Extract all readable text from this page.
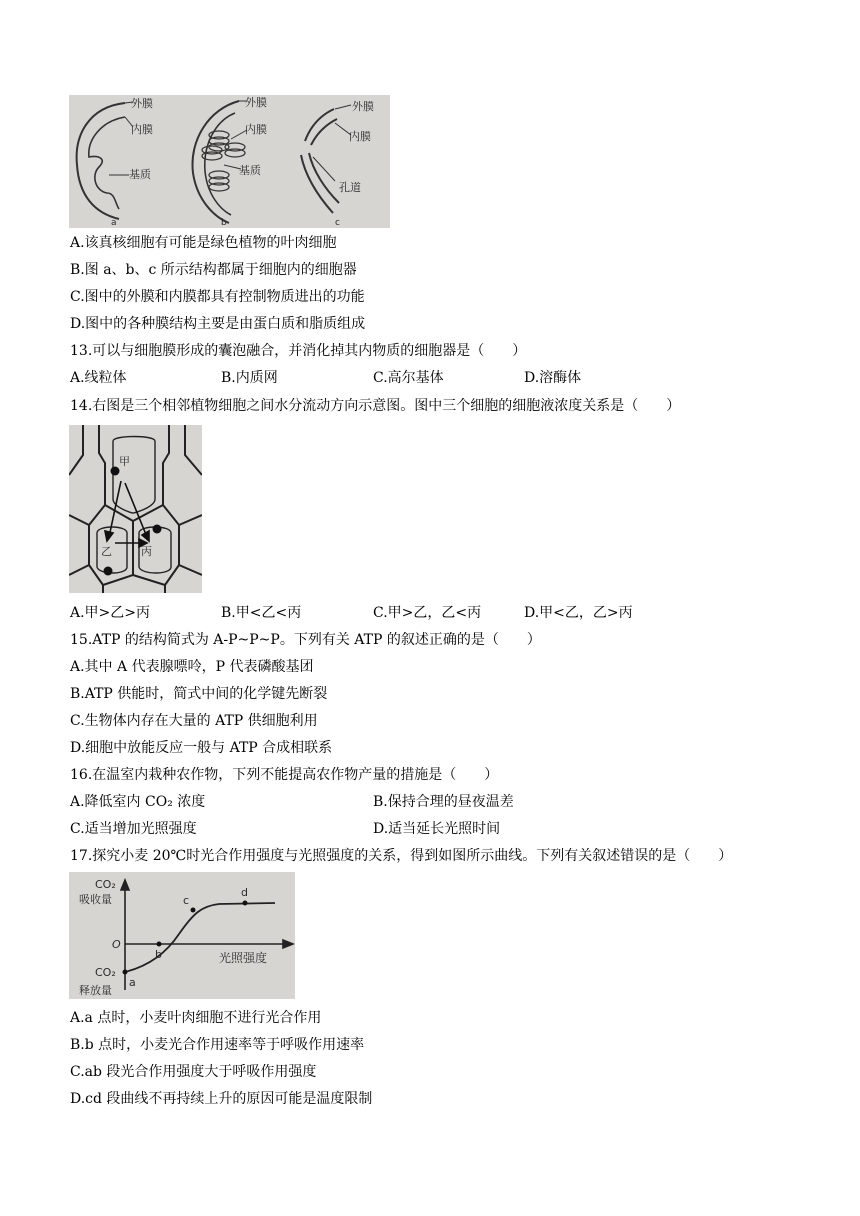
外膜
内膜
基质
a
外膜
内膜
基质
b
外膜
内膜
孔道
c
A.该真核细胞有可能是绿色植物的叶肉细胞
B.图 a、b、c 所示结构都属于细胞内的细胞器
C.图中的外膜和内膜都具有控制物质进出的功能
D.图中的各种膜结构主要是由蛋白质和脂质组成
13.可以与细胞膜形成的囊泡融合，并消化掉其内物质的细胞器是（　　）
A.线粒体	B.内质网	C.高尔基体	D.溶酶体
14.右图是三个相邻植物细胞之间水分流动方向示意图。图中三个细胞的细胞液浓度关系是（　　）
甲
乙	丙
A.甲>乙>丙	B.甲<乙<丙	C.甲>乙，乙<丙	D.甲<乙，乙>丙
15.ATP 的结构简式为 A-P~P~P。下列有关 ATP 的叙述正确的是（　　）
A.其中 A 代表腺嘌呤，P 代表磷酸基团
B.ATP 供能时，简式中间的化学键先断裂
C.生物体内存在大量的 ATP 供细胞利用
D.细胞中放能反应一般与 ATP 合成相联系
16.在温室内栽种农作物，下列不能提高农作物产量的措施是（　　）
A.降低室内 CO₂ 浓度	B.保持合理的昼夜温差
C.适当增加光照强度	D.适当延长光照时间
17.探究小麦 20℃时光合作用强度与光照强度的关系，得到如图所示曲线。下列有关叙述错误的是（　　）
CO₂
吸收量
O
光照强度
CO₂
释放量
a
b
c
d
A.a 点时，小麦叶肉细胞不进行光合作用
B.b 点时，小麦光合作用速率等于呼吸作用速率
C.ab 段光合作用强度大于呼吸作用强度
D.cd 段曲线不再持续上升的原因可能是温度限制
